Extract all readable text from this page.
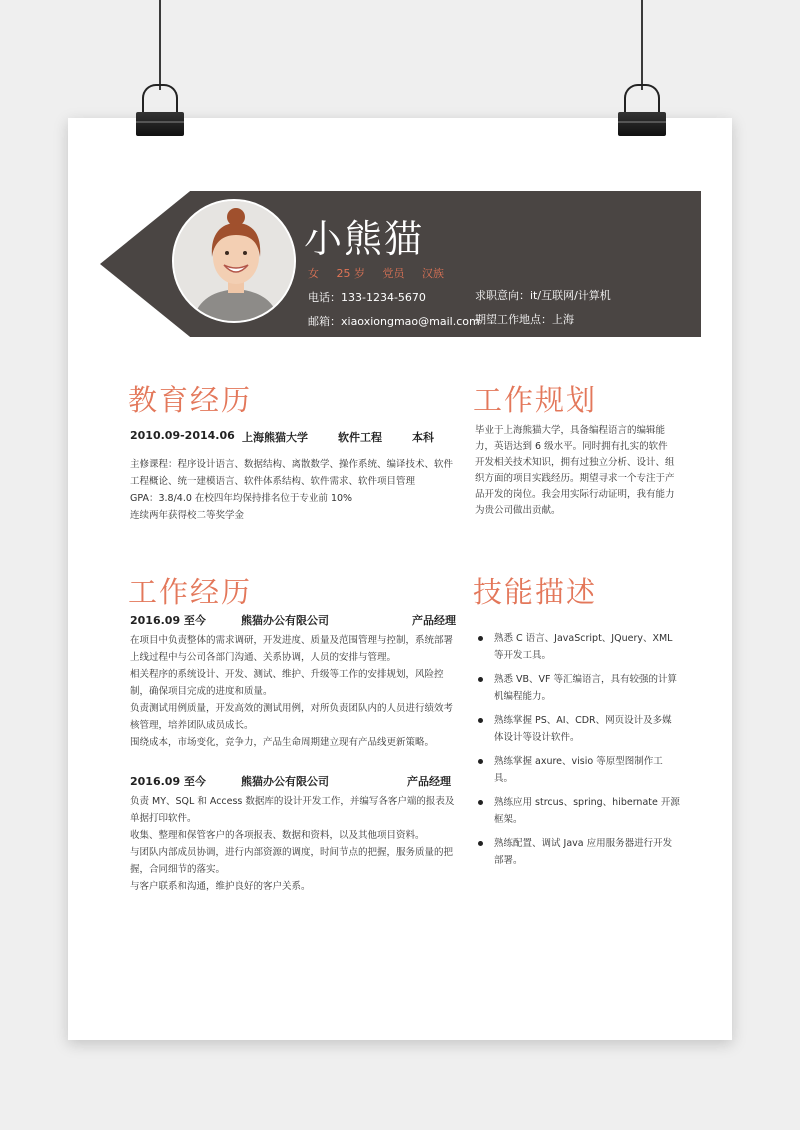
小熊猫
女 25 岁 党员 汉族
电话：133-1234-5670
邮箱：xiaoxiongmao@mail.com
求职意向：it/互联网/计算机
期望工作地点：上海
教育经历
2010.09-2014.06 上海熊猫大学	软件工程	本科
主修课程：程序设计语言、数据结构、离散数学、操作系统、编译技术、软件
工程概论、统一建模语言、软件体系结构、软件需求、软件项目管理
GPA：3.8/4.0 在校四年均保持排名位于专业前 10%
连续两年获得校二等奖学金
工作规划
毕业于上海熊猫大学，具备编程语言的编辑能
力，英语达到 6 级水平。同时拥有扎实的软件
开发相关技术知识，拥有过独立分析、设计、组
织方面的项目实践经历。期望寻求一个专注于产
品开发的岗位。我会用实际行动证明，我有能力
为贵公司做出贡献。
工作经历
2016.09 至今	熊猫办公有限公司	产品经理
在项目中负责整体的需求调研，开发进度、质量及范围管理与控制，系统部署
上线过程中与公司各部门沟通、关系协调，人员的安排与管理。
相关程序的系统设计、开发、测试、维护、升级等工作的安排规划，风险控
制，确保项目完成的进度和质量。
负责测试用例质量，开发高效的测试用例，对所负责团队内的人员进行绩效考
核管理，培养团队成员成长。
围绕成本，市场变化，竞争力，产品生命周期建立现有产品线更新策略。
2016.09 至今	熊猫办公有限公司	产品经理
负责 MY、SQL 和 Access 数据库的设计开发工作，并编写各客户端的报表及
单据打印软件。
收集、整理和保管客户的各项报表、数据和资料，以及其他项目资料。
与团队内部成员协调，进行内部资源的调度，时间节点的把握，服务质量的把
握，合同细节的落实。
与客户联系和沟通，维护良好的客户关系。
技能描述
熟悉 C 语言、JavaScript、JQuery、XML
等开发工具。
熟悉 VB、VF 等汇编语言，具有较强的计算
机编程能力。
熟练掌握 PS、AI、CDR、网页设计及多媒
体设计等设计软件。
熟练掌握 axure、visio 等原型图制作工
具。
熟练应用 strcus、spring、hibernate 开源
框架。
熟练配置、调试 Java 应用服务器进行开发
部署。
